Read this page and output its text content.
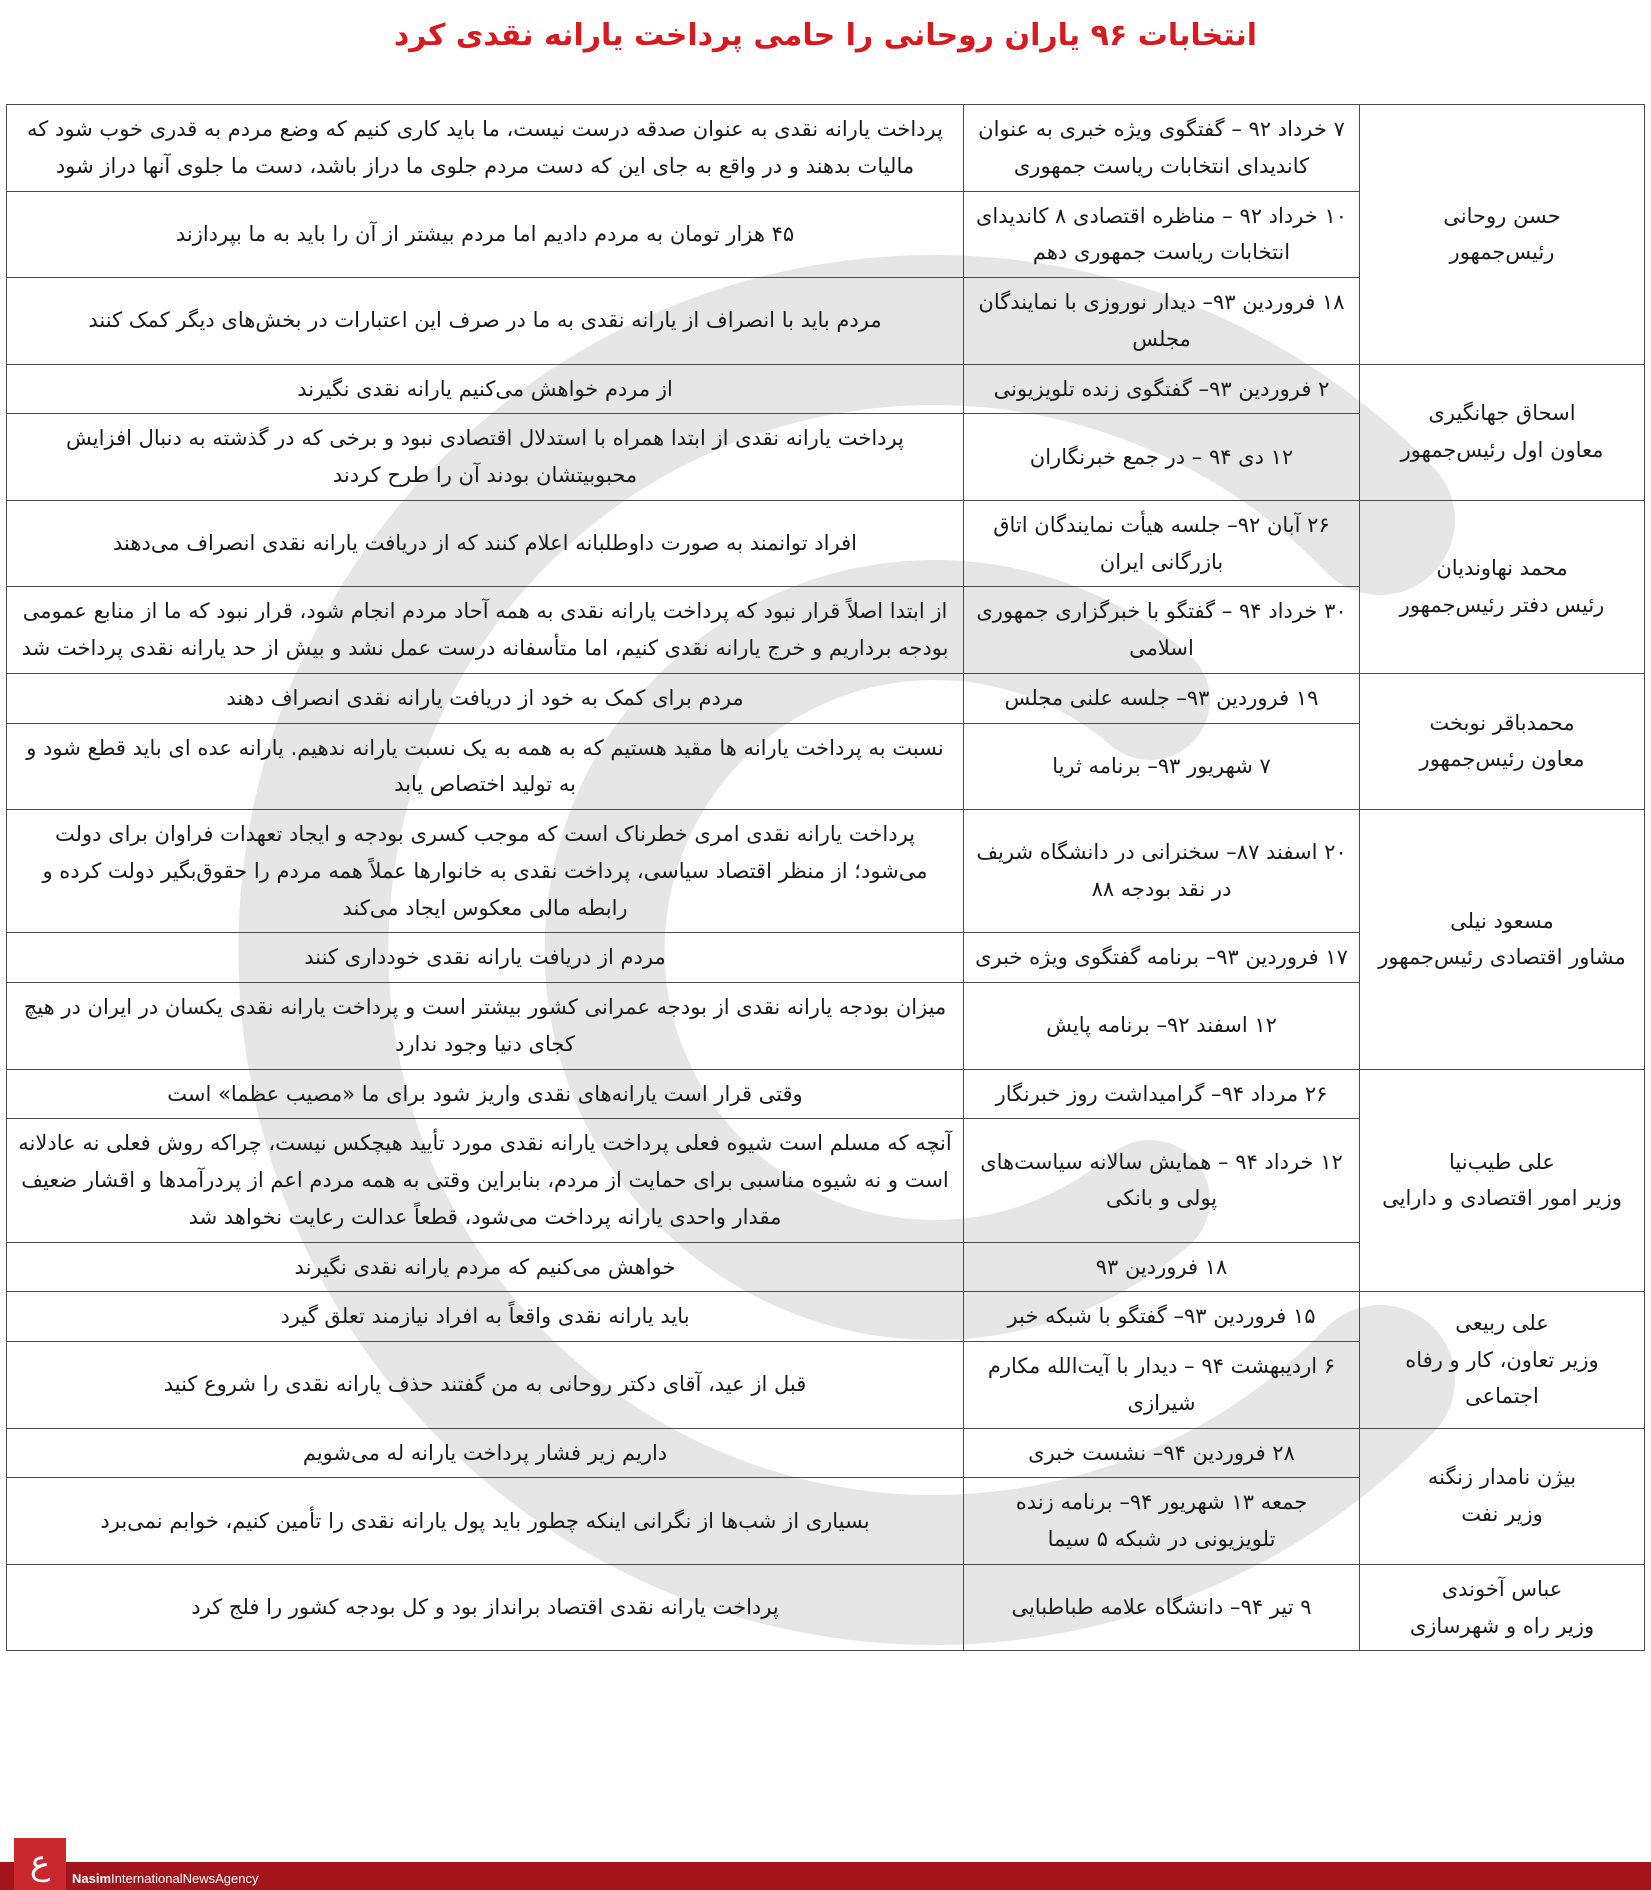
انتخابات ۹۶ یاران روحانی را حامی پرداخت یارانه نقدی کرد
حسن روحانی
رئیس‌جمهور	۷ خرداد ۹۲ – گفتگوی ویژه خبری به عنوان کاندیدای انتخابات ریاست جمهوری	پرداخت یارانه نقدی به عنوان صدقه درست نیست، ما باید کاری کنیم که وضع مردم به قدری خوب شود که مالیات بدهند و در واقع به جای این که دست مردم جلوی ما دراز باشد، دست ما جلوی آنها دراز شود
	۱۰ خرداد ۹۲ – مناظره اقتصادی ۸ کاندیدای انتخابات ریاست جمهوری دهم	۴۵ هزار تومان به مردم دادیم اما مردم بیشتر از آن را باید به ما بپردازند
	۱۸ فروردین ۹۳– دیدار نوروزی با نمایندگان مجلس	مردم باید با انصراف از یارانه نقدی به ما در صرف این اعتبارات در بخش‌های دیگر کمک کنند

اسحاق جهانگیری
معاون اول رئیس‌جمهور	۲ فروردین ۹۳– گفتگوی زنده تلویزیونی	از مردم خواهش می‌کنیم یارانه نقدی نگیرند
	۱۲ دی ۹۴ – در جمع خبرنگاران	پرداخت یارانه نقدی از ابتدا همراه با استدلال اقتصادی نبود و برخی که در گذشته به دنبال افزایش محبوبیتشان بودند آن را طرح کردند

محمد نهاوندیان
رئیس دفتر رئیس‌جمهور	۲۶ آبان ۹۲– جلسه هیأت نمایندگان اتاق بازرگانی ایران	افراد توانمند به صورت داوطلبانه اعلام کنند که از دریافت یارانه نقدی انصراف می‌دهند
	۳۰ خرداد ۹۴ – گفتگو با خبرگزاری جمهوری اسلامی	از ابتدا اصلاً قرار نبود که پرداخت یارانه نقدی به همه آحاد مردم انجام شود، قرار نبود که ما از منابع عمومی بودجه برداریم و خرج یارانه نقدی کنیم، اما متأسفانه درست عمل نشد و بیش از حد یارانه نقدی پرداخت شد

محمدباقر نوبخت
معاون رئیس‌جمهور	۱۹ فروردین ۹۳– جلسه علنی مجلس	مردم برای کمک به خود از دریافت یارانه نقدی انصراف دهند
	۷ شهریور ۹۳– برنامه ثریا	نسبت به پرداخت یارانه ها مقید هستیم که به همه به یک نسبت یارانه ندهیم. یارانه عده ای باید قطع شود و به تولید اختصاص یابد

مسعود نیلی
مشاور اقتصادی رئیس‌جمهور	۲۰ اسفند ۸۷– سخنرانی در دانشگاه شریف در نقد بودجه ۸۸	پرداخت یارانه نقدی امری خطرناک است که موجب کسری بودجه و ایجاد تعهدات فراوان برای دولت می‌شود؛ از منظر اقتصاد سیاسی، پرداخت نقدی به خانوارها عملاً همه مردم را حقوق‌بگیر دولت کرده و رابطه مالی معکوس ایجاد می‌کند
	۱۷ فروردین ۹۳– برنامه گفتگوی ویژه خبری	مردم از دریافت یارانه نقدی خودداری کنند
	۱۲ اسفند ۹۲– برنامه پایش	میزان بودجه یارانه نقدی از بودجه عمرانی کشور بیشتر است و پرداخت یارانه نقدی یکسان در ایران در هیچ کجای دنیا وجود ندارد

علی طیب‌نیا
وزیر امور اقتصادی و دارایی	۲۶ مرداد ۹۴– گرامیداشت روز خبرنگار	وقتی قرار است یارانه‌های نقدی واریز شود برای ما «مصیب عظما» است
	۱۲ خرداد ۹۴ – همایش سالانه سیاست‌های پولی و بانکی	آنچه که مسلم است شیوه فعلی پرداخت یارانه نقدی مورد تأیید هیچکس نیست، چراکه روش فعلی نه عادلانه است و نه شیوه مناسبی برای حمایت از مردم، بنابراین وقتی به همه مردم اعم از پردرآمدها و اقشار ضعیف مقدار واحدی یارانه پرداخت می‌شود، قطعاً عدالت رعایت نخواهد شد
	۱۸ فروردین ۹۳	خواهش می‌کنیم که مردم یارانه نقدی نگیرند

علی ربیعی
وزیر تعاون، کار و رفاه اجتماعی	۱۵ فروردین ۹۳– گفتگو با شبکه خبر	باید یارانه نقدی واقعاً به افراد نیازمند تعلق گیرد
	۶ اردیبهشت ۹۴ – دیدار با آیت‌الله مکارم شیرازی	قبل از عید، آقای دکتر روحانی به من گفتند حذف یارانه نقدی را شروع کنید

بیژن نامدار زنگنه
وزیر نفت	۲۸ فروردین ۹۴– نشست خبری	داریم زیر فشار پرداخت یارانه له می‌شویم
	جمعه ۱۳ شهریور ۹۴– برنامه زنده تلویزیونی در شبکه ۵ سیما	بسیاری از شب‌ها از نگرانی اینکه چطور باید پول یارانه نقدی را تأمین کنیم، خوابم نمی‌برد

عباس آخوندی
وزیر راه و شهرسازی	۹ تیر ۹۴– دانشگاه علامه طباطبایی	پرداخت یارانه نقدی اقتصاد برانداز بود و کل بودجه کشور را فلج کرد
ع	NasimInternationalNewsAgency
